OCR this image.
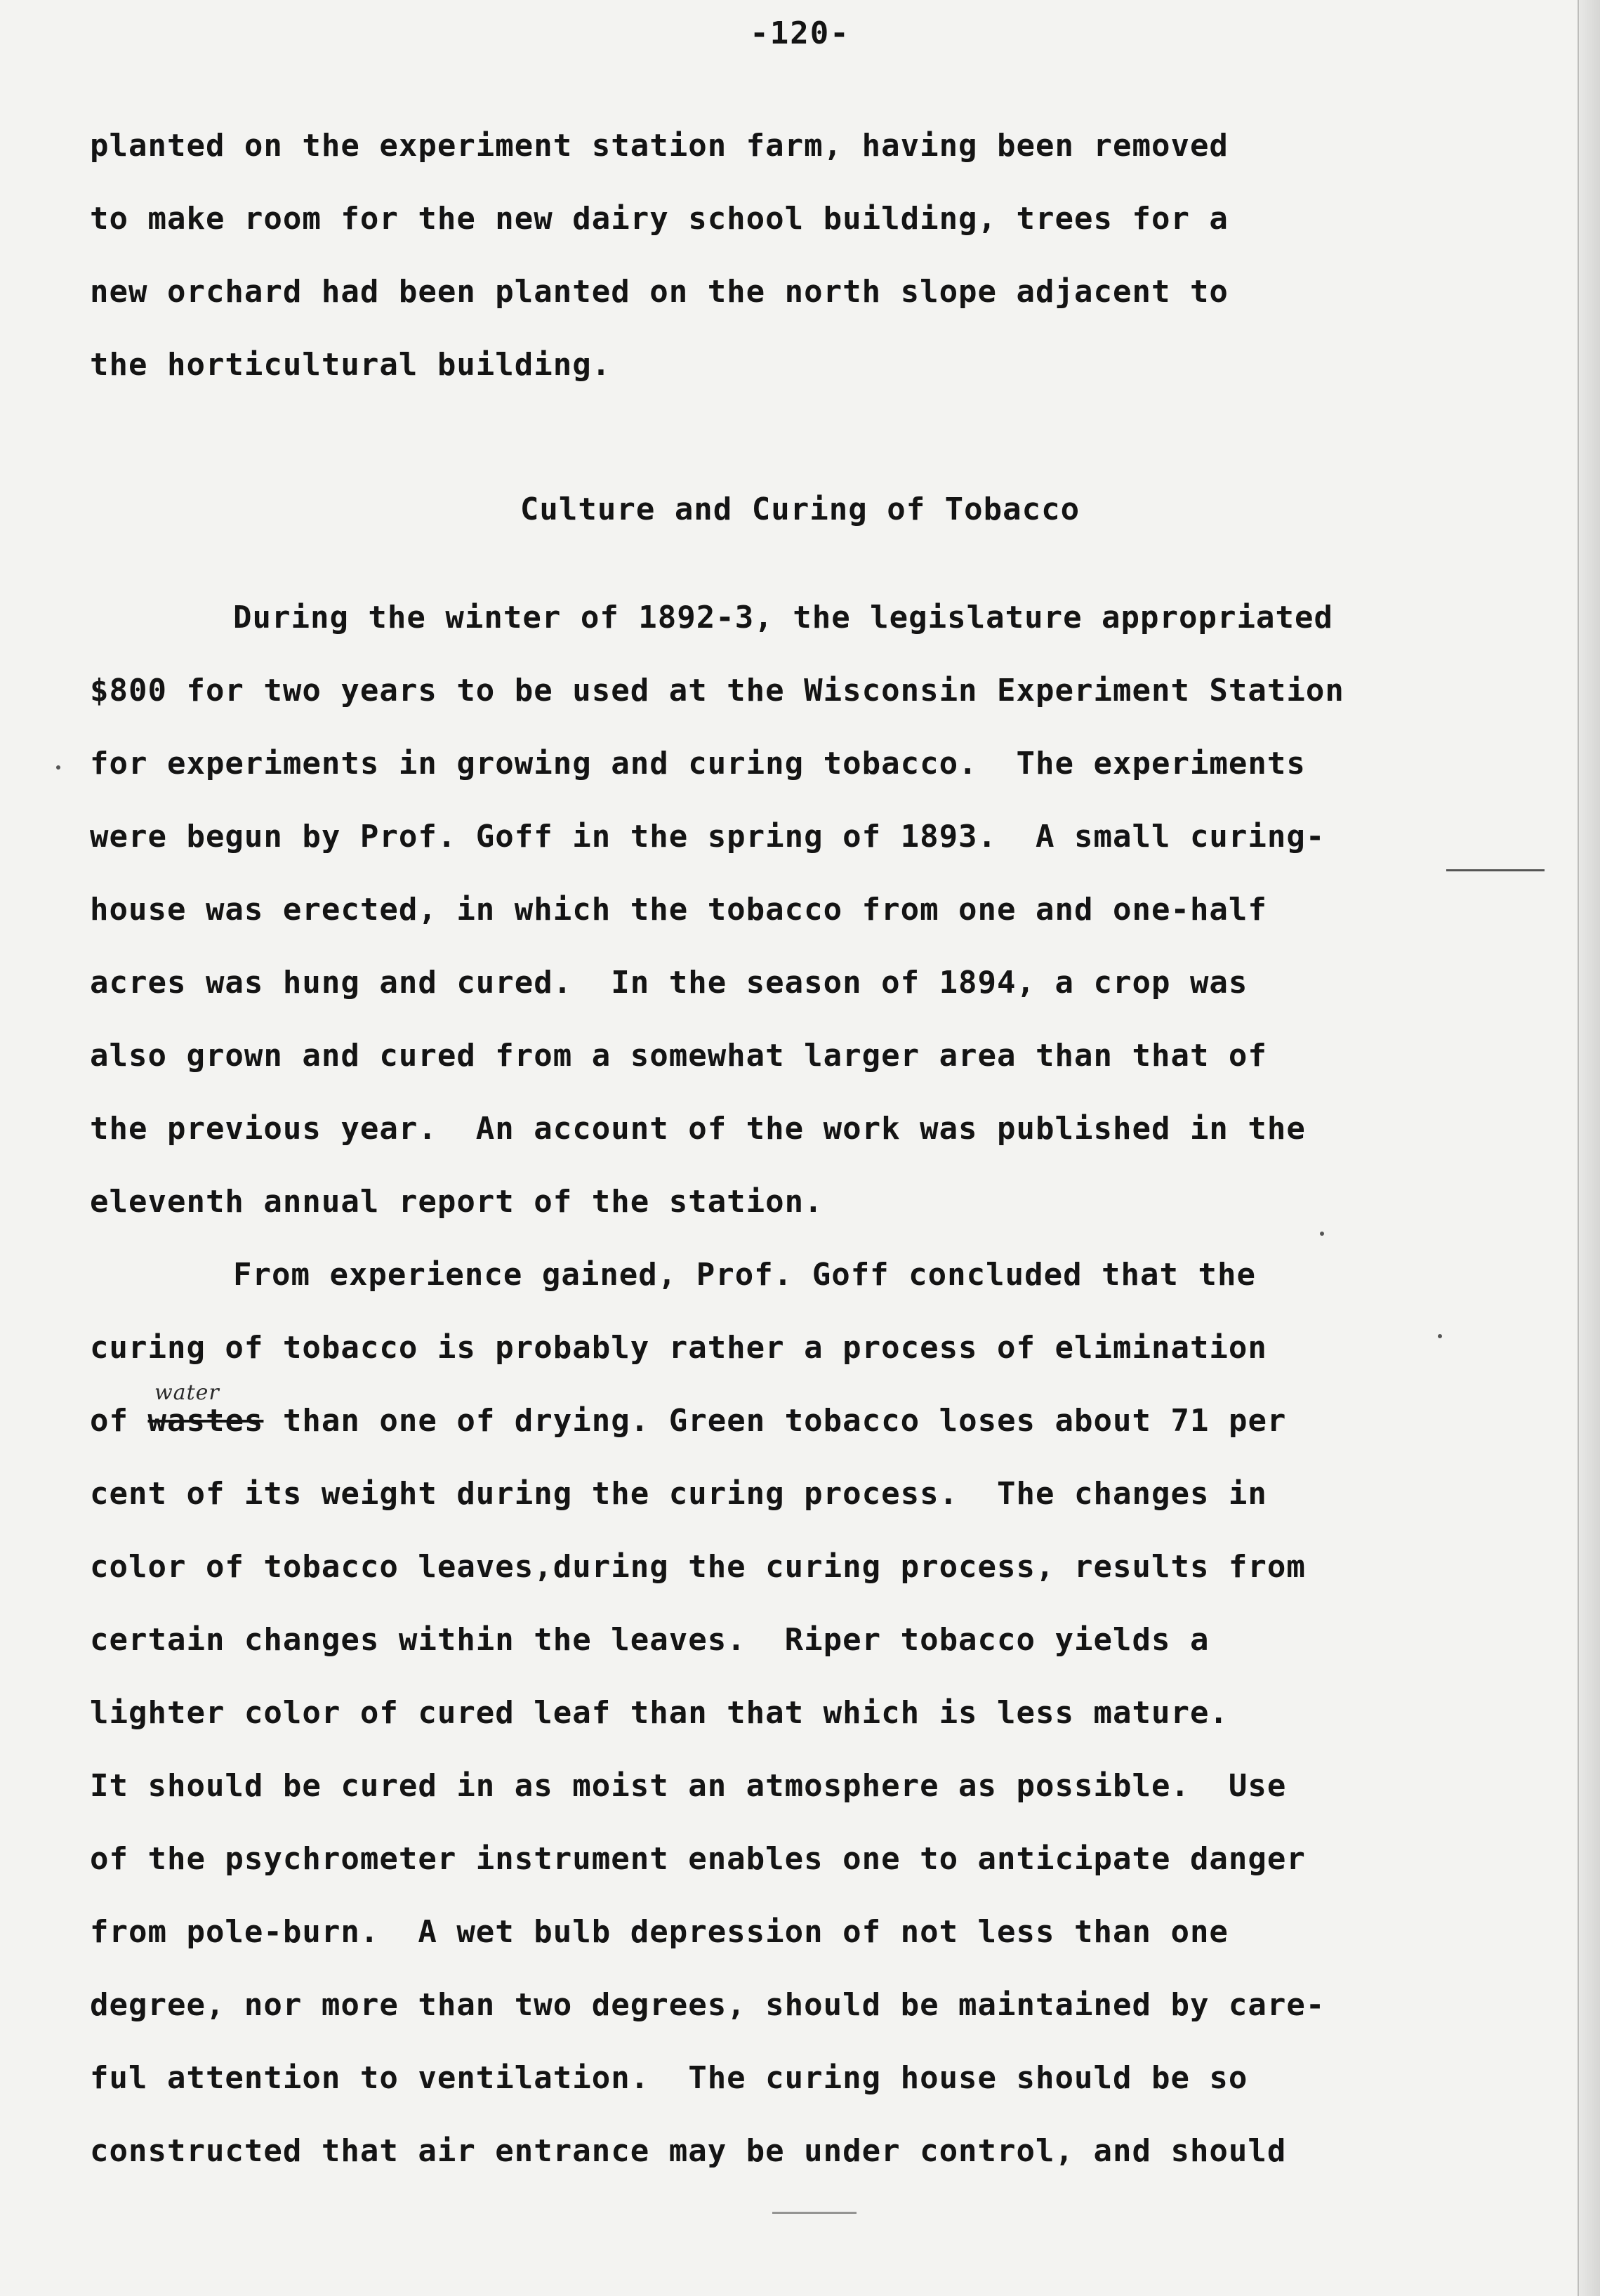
-120-
planted on the experiment station farm, having been removed
to make room for the new dairy school building, trees for a
new orchard had been planted on the north slope adjacent to
the horticultural building.
Culture and Curing of Tobacco
During the winter of 1892-3, the legislature appropriated
$800 for two years to be used at the Wisconsin Experiment Station
for experiments in growing and curing tobacco.  The experiments
were begun by Prof. Goff in the spring of 1893.  A small curing-
house was erected, in which the tobacco from one and one-half
acres was hung and cured.  In the season of 1894, a crop was
also grown and cured from a somewhat larger area than that of
the previous year.  An account of the work was published in the
eleventh annual report of the station.
From experience gained, Prof. Goff concluded that the
curing of tobacco is probably rather a process of elimination
of wastes than one of drying. Green tobacco loses about 71 per
water
cent of its weight during the curing process.  The changes in
color of tobacco leaves,during the curing process, results from
certain changes within the leaves.  Riper tobacco yields a
lighter color of cured leaf than that which is less mature.
It should be cured in as moist an atmosphere as possible.  Use
of the psychrometer instrument enables one to anticipate danger
from pole-burn.  A wet bulb depression of not less than one
degree, nor more than two degrees, should be maintained by care-
ful attention to ventilation.  The curing house should be so
constructed that air entrance may be under control, and should
